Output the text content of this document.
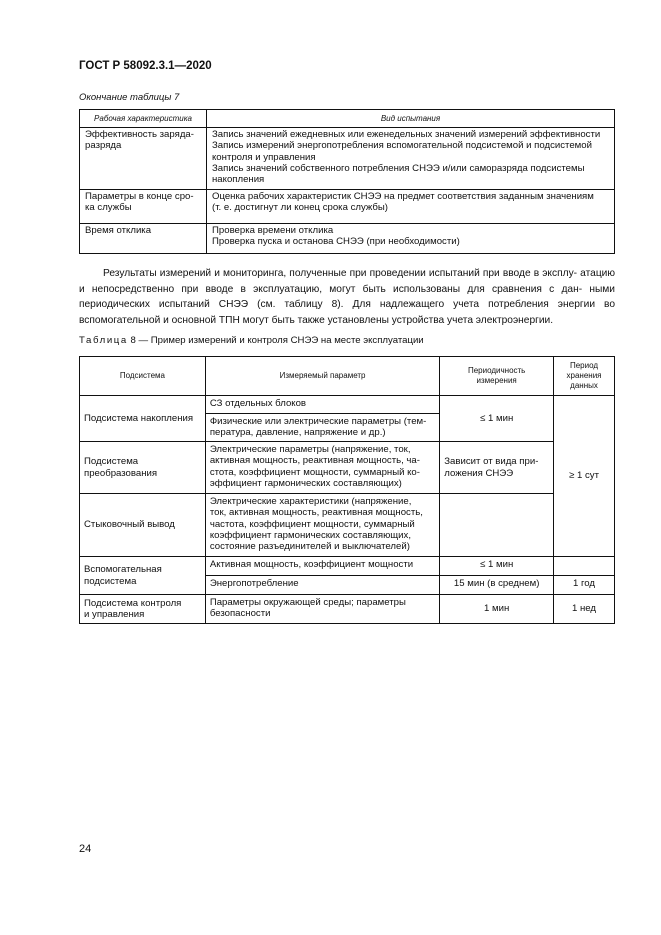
ГОСТ Р 58092.3.1—2020
Окончание таблицы 7
Рабочая характеристика	Вид испытания

Эффективность заряда-
разряда	Запись значений ежедневных или еженедельных значений измерений эффективности
Запись измерений энергопотребления вспомогательной подсистемой и подсистемой
контроля и управления
Запись значений собственного потребления СНЭЭ и/или саморазряда подсистемы
накопления

Параметры в конце сро-
ка службы	Оценка рабочих характеристик СНЭЭ на предмет соответствия заданным значениям
(т. е. достигнут ли конец срока службы)

Время отклика	Проверка времени отклика
Проверка пуска и останова СНЭЭ (при необходимости)

Результаты измерений и мониторинга, полученные при проведении испытаний при вводе в эксплу- атацию и непосредственно при вводе в эксплуатацию, могут быть использованы для сравнения с дан- ными периодических испытаний СНЭЭ (см. таблицу 8). Для надлежащего учета потребления энергии во вспомогательной и основной ТПН могут быть также установлены устройства учета электроэнергии.

Таблица 8 — Пример измерений и контроля СНЭЭ на месте эксплуатации
Подсистема	Измеряемый параметр	Периодичность
измерения	Период
хранения
данных

Подсистема накопления	СЗ отдельных блоков	≤ 1 мин	≥ 1 сут

	Физические или электрические параметры (тем-
пература, давление, напряжение и др.)		

Подсистема
преобразования	Электрические параметры (напряжение, ток,
активная мощность, реактивная мощность, ча-
стота, коэффициент мощности, суммарный ко-
эффициент гармонических составляющих)	Зависит от вида при-
ложения СНЭЭ	

Стыковочный вывод	Электрические характеристики (напряжение,
ток, активная мощность, реактивная мощность,
частота, коэффициент мощности, суммарный
коэффициент гармонических составляющих,
состояние разъединителей и выключателей)		

Вспомогательная
подсистема	Активная мощность, коэффициент мощности	≤ 1 мин	
	Энергопотребление	15 мин (в среднем)	1 год

Подсистема контроля
и управления	Параметры окружающей среды; параметры
безопасности	1 мин	1 нед
24
